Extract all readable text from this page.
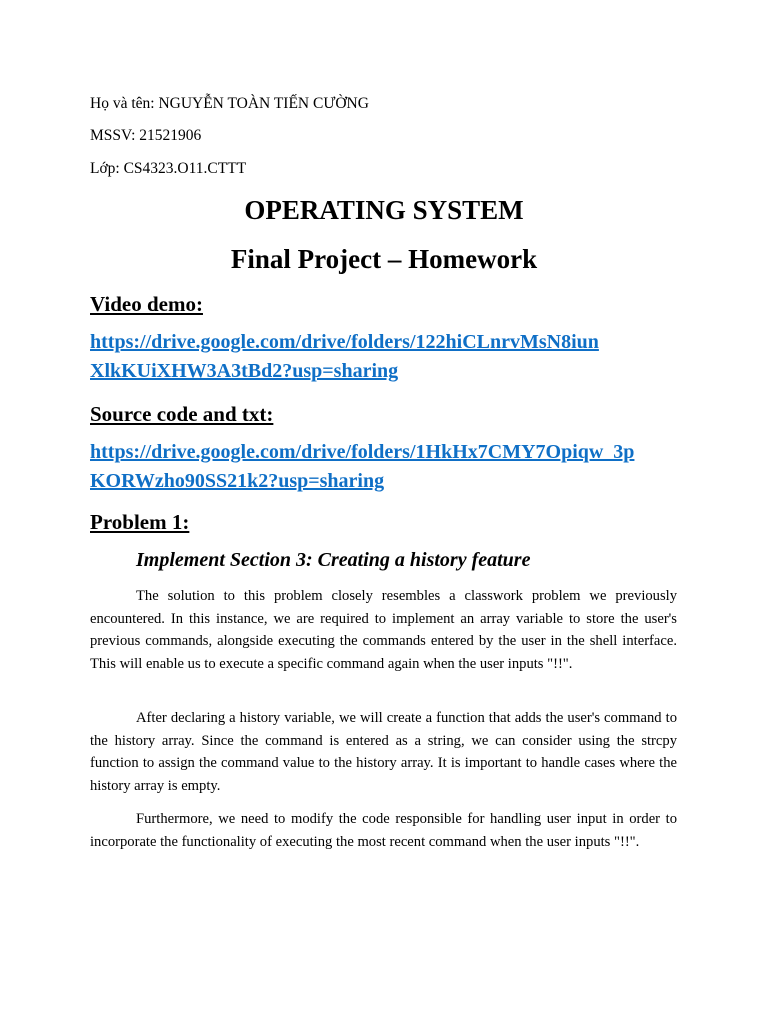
Họ và tên: NGUYỄN TOÀN TIẾN CƯỜNG

MSSV: 21521906

Lớp: CS4323.O11.CTTT

OPERATING SYSTEM
Final Project – Homework
Video demo:
https://drive.google.com/drive/folders/122hiCLnrvMsN8iun
XlkKUiXHW3A3tBd2?usp=sharing
Source code and txt:
https://drive.google.com/drive/folders/1HkHx7CMY7Opiqw_3p
KORWzho90SS21k2?usp=sharing
Problem 1:
Implement Section 3: Creating a history feature

The solution to this problem closely resembles a classwork problem we previously encountered. In this instance, we are required to implement an array variable to store the user's previous commands, alongside executing the commands entered by the user in the shell interface. This will enable us to execute a specific command again when the user inputs "!!".

After declaring a history variable, we will create a function that adds the user's command to the history array. Since the command is entered as a string, we can consider using the strcpy function to assign the command value to the history array. It is important to handle cases where the history array is empty.

Furthermore, we need to modify the code responsible for handling user input in order to incorporate the functionality of executing the most recent command when the user inputs "!!".
